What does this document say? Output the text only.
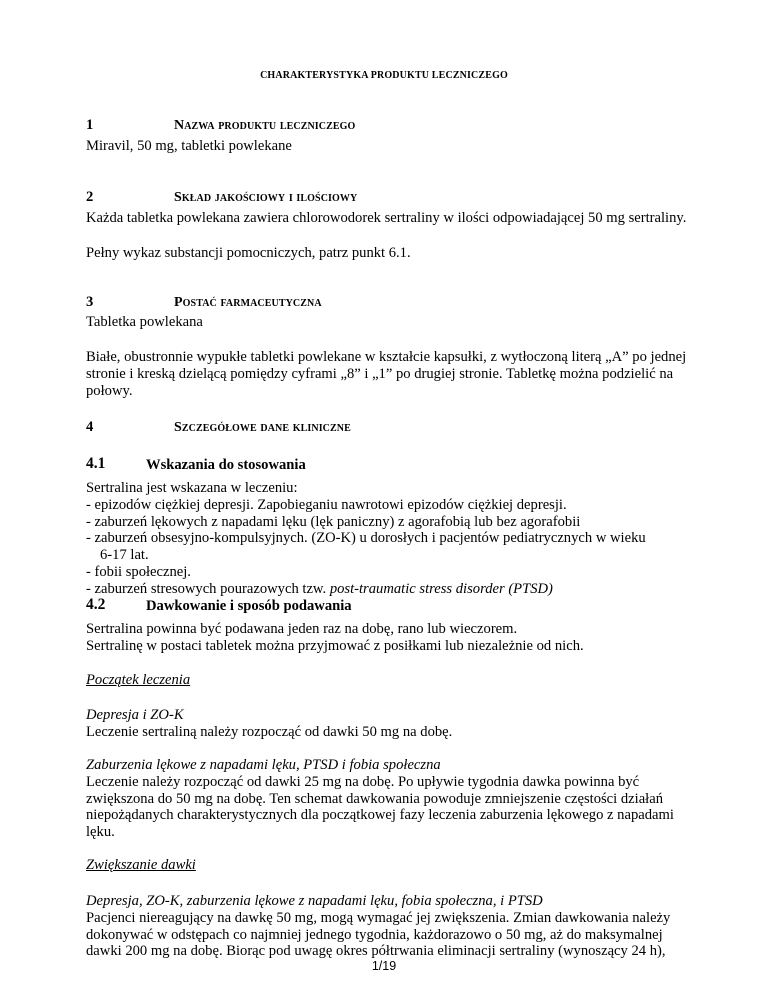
CHARAKTERYSTYKA PRODUKTU LECZNICZEGO
1	Nazwa produktu leczniczego

Miravil, 50 mg, tabletki powlekane

2	Skład jakościowy i ilościowy

Każda tabletka powlekana zawiera chlorowodorek sertraliny w ilości odpowiadającej 50 mg sertraliny.

Pełny wykaz substancji pomocniczych, patrz punkt 6.1.

3	Postać farmaceutyczna

Tabletka powlekana

Białe, obustronnie wypukłe tabletki powlekane w kształcie kapsułki, z wytłoczoną literą „A” po jednej
stronie i kreską dzielącą pomiędzy cyframi „8” i „1” po drugiej stronie. Tabletkę można podzielić na
połowy.
4	Szczegółowe dane kliniczne
4.1	Wskazania do stosowania
Sertralina jest wskazana w leczeniu:
- epizodów ciężkiej depresji. Zapobieganiu nawrotowi epizodów ciężkiej depresji.
- zaburzeń lękowych z napadami lęku (lęk paniczny) z agorafobią lub bez agorafobii
- zaburzeń obsesyjno-kompulsyjnych. (ZO-K) u dorosłych i pacjentów pediatrycznych w wieku
6-17 lat.
- fobii społecznej.
- zaburzeń stresowych pourazowych tzw. post-traumatic stress disorder (PTSD)
4.2	Dawkowanie i sposób podawania
Sertralina powinna być podawana jeden raz na dobę, rano lub wieczorem.
Sertralinę w postaci tabletek można przyjmować z posiłkami lub niezależnie od nich.
Początek leczenia
Depresja i ZO-K
Leczenie sertraliną należy rozpocząć od dawki 50 mg na dobę.
Zaburzenia lękowe z napadami lęku, PTSD i fobia społeczna
Leczenie należy rozpocząć od dawki 25 mg na dobę. Po upływie tygodnia dawka powinna być
zwiększona do 50 mg na dobę. Ten schemat dawkowania powoduje zmniejszenie częstości działań
niepożądanych charakterystycznych dla początkowej fazy leczenia zaburzenia lękowego z napadami
lęku.
Zwiększanie dawki
Depresja, ZO-K, zaburzenia lękowe z napadami lęku, fobia społeczna, i PTSD
Pacjenci niereagujący na dawkę 50 mg, mogą wymagać jej zwiększenia. Zmian dawkowania należy
dokonywać w odstępach co najmniej jednego tygodnia, każdorazowo o 50 mg, aż do maksymalnej
dawki 200 mg na dobę. Biorąc pod uwagę okres półtrwania eliminacji sertraliny (wynoszący 24 h),
1/19
